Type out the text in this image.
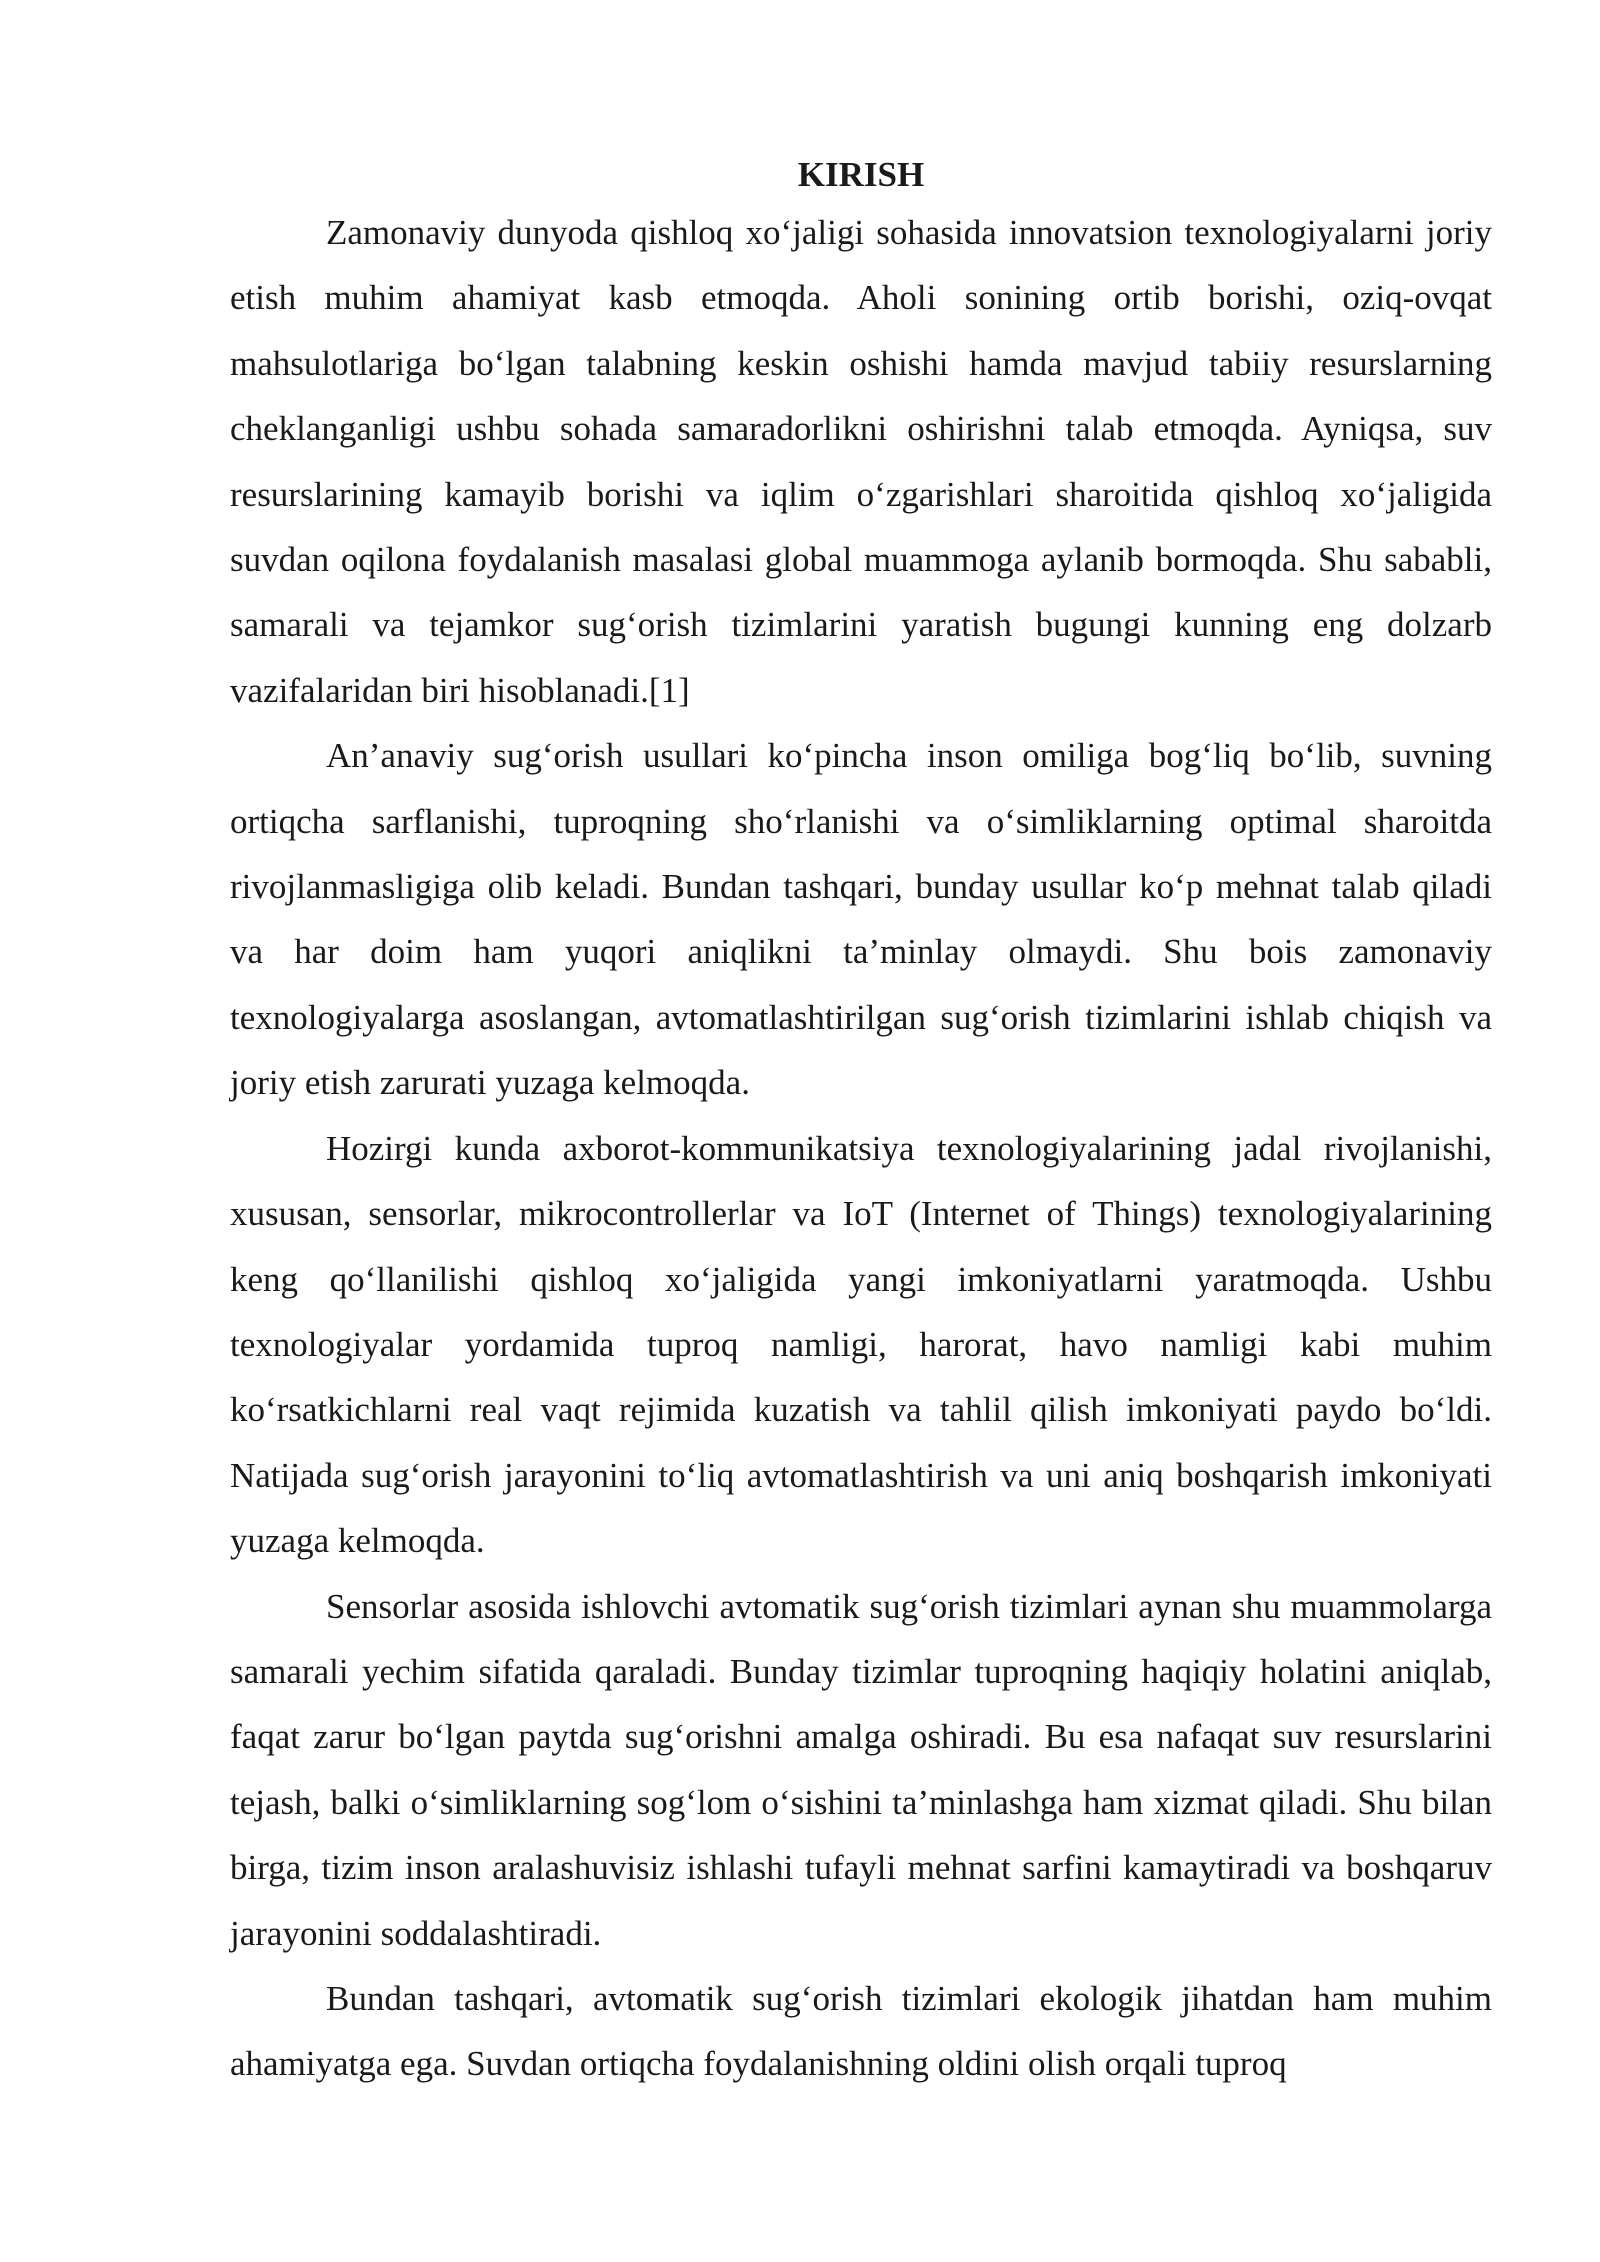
KIRISH

Zamonaviy dunyoda qishloq xo‘jaligi sohasida innovatsion texnologiyalarni joriy etish muhim ahamiyat kasb etmoqda. Aholi sonining ortib borishi, oziq-ovqat mahsulotlariga bo‘lgan talabning keskin oshishi hamda mavjud tabiiy resurslarning cheklanganligi ushbu sohada samaradorlikni oshirishni talab etmoqda. Ayniqsa, suv resurslarining kamayib borishi va iqlim o‘zgarishlari sharoitida qishloq xo‘jaligida suvdan oqilona foydalanish masalasi global muammoga aylanib bormoqda. Shu sababli, samarali va tejamkor sug‘orish tizimlarini yaratish bugungi kunning eng dolzarb vazifalaridan biri hisoblanadi.[1]

An’anaviy sug‘orish usullari ko‘pincha inson omiliga bog‘liq bo‘lib, suvning ortiqcha sarflanishi, tuproqning sho‘rlanishi va o‘simliklarning optimal sharoitda rivojlanmasligiga olib keladi. Bundan tashqari, bunday usullar ko‘p mehnat talab qiladi va har doim ham yuqori aniqlikni ta’minlay olmaydi. Shu bois zamonaviy texnologiyalarga asoslangan, avtomatlashtirilgan sug‘orish tizimlarini ishlab chiqish va joriy etish zarurati yuzaga kelmoqda.

Hozirgi kunda axborot-kommunikatsiya texnologiyalarining jadal rivojlanishi, xususan, sensorlar, mikrocontrollerlar va IoT (Internet of Things) texnologiyalarining keng qo‘llanilishi qishloq xo‘jaligida yangi imkoniyatlarni yaratmoqda. Ushbu texnologiyalar yordamida tuproq namligi, harorat, havo namligi kabi muhim ko‘rsatkichlarni real vaqt rejimida kuzatish va tahlil qilish imkoniyati paydo bo‘ldi. Natijada sug‘orish jarayonini to‘liq avtomatlashtirish va uni aniq boshqarish imkoniyati yuzaga kelmoqda.

Sensorlar asosida ishlovchi avtomatik sug‘orish tizimlari aynan shu muammolarga samarali yechim sifatida qaraladi. Bunday tizimlar tuproqning haqiqiy holatini aniqlab, faqat zarur bo‘lgan paytda sug‘orishni amalga oshiradi. Bu esa nafaqat suv resurslarini tejash, balki o‘simliklarning sog‘lom o‘sishini ta’minlashga ham xizmat qiladi. Shu bilan birga, tizim inson aralashuvisiz ishlashi tufayli mehnat sarfini kamaytiradi va boshqaruv jarayonini soddalashtiradi.

Bundan tashqari, avtomatik sug‘orish tizimlari ekologik jihatdan ham muhim ahamiyatga ega. Suvdan ortiqcha foydalanishning oldini olish orqali tuproq
